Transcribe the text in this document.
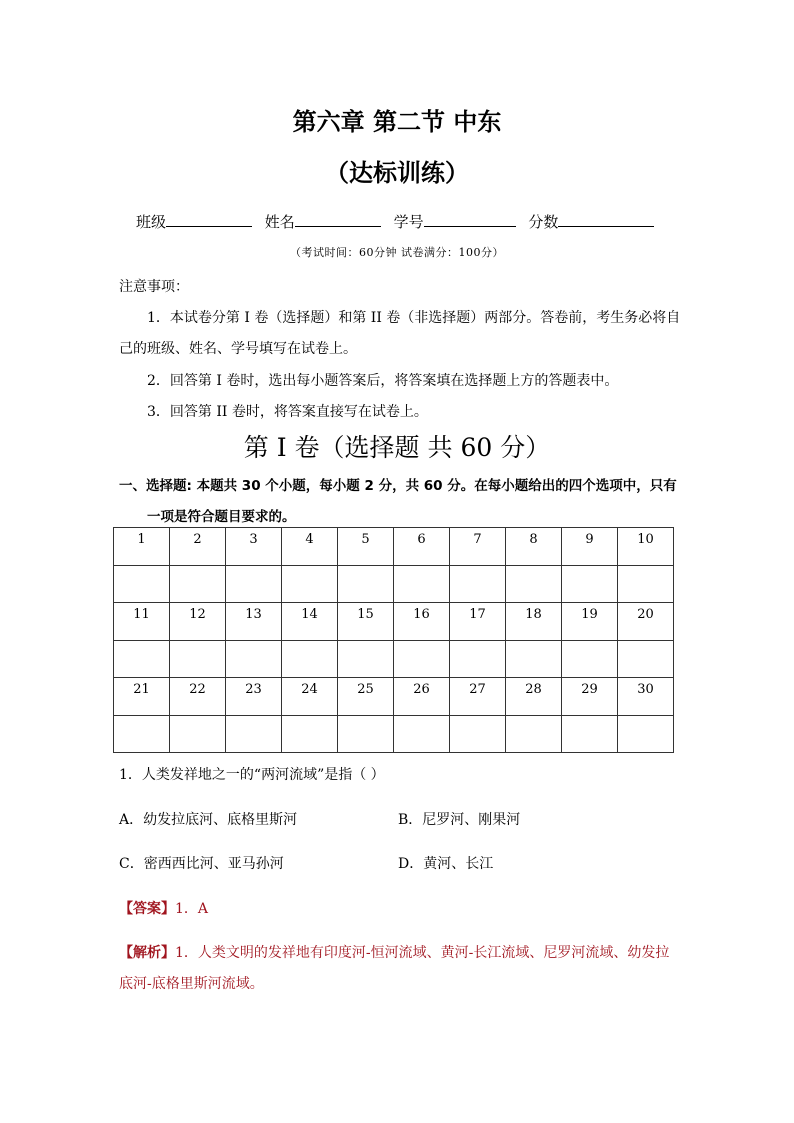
第六章 第二节 中东
（达标训练）
班级	姓名	学号	分数
（考试时间：60分钟 试卷满分：100分）
注意事项：
1．本试卷分第 I 卷（选择题）和第 II 卷（非选择题）两部分。答卷前，考生务必将自
己的班级、姓名、学号填写在试卷上。
2．回答第 I 卷时，选出每小题答案后，将答案填在选择题上方的答题表中。
3．回答第 II 卷时，将答案直接写在试卷上。
第 I 卷（选择题 共 60 分）
一、选择题: 本题共 30 个小题，每小题 2 分，共 60 分。在每小题给出的四个选项中，只有
一项是符合题目要求的。
1	2	3	4	5	6	7	8	9	10

11	12	13	14	15	16	17	18	19	20

21	22	23	24	25	26	27	28	29	30

1．人类发祥地之一的“两河流域”是指（ ）
A．幼发拉底河、底格里斯河	B．尼罗河、刚果河
C．密西西比河、亚马孙河	D．黄河、长江
【答案】1．A
【解析】1．人类文明的发祥地有印度河-恒河流域、黄河-长江流域、尼罗河流域、幼发拉
底河-底格里斯河流域。
